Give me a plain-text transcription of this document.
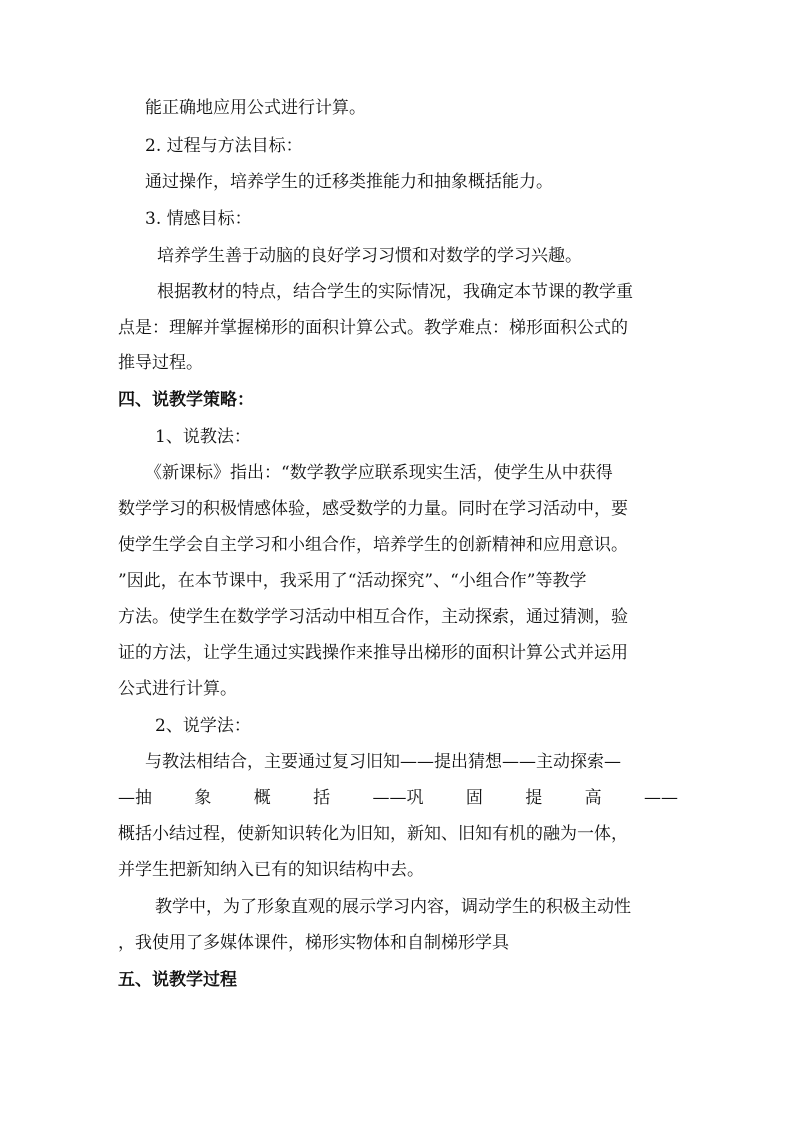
能正确地应用公式进行计算。
2. 过程与方法目标：
通过操作，培养学生的迁移类推能力和抽象概括能力。
3. 情感目标：
培养学生善于动脑的良好学习习惯和对数学的学习兴趣。
根据教材的特点，结合学生的实际情况，我确定本节课的教学重
点是：理解并掌握梯形的面积计算公式。教学难点：梯形面积公式的
推导过程。
四、说教学策略：
1、说教法：
《新课标》指出：“数学教学应联系现实生活，使学生从中获得
数学学习的积极情感体验，感受数学的力量。同时在学习活动中，要
使学生学会自主学习和小组合作，培养学生的创新精神和应用意识。
”因此，在本节课中，我采用了“活动探究”、“小组合作”等教学
方法。使学生在数学学习活动中相互合作，主动探索，通过猜测，验
证的方法，让学生通过实践操作来推导出梯形的面积计算公式并运用
公式进行计算。
2、说学法：
与教法相结合，主要通过复习旧知——提出猜想——主动探索—
—抽 象 概 括 ——巩 固 提 高 ——
概括小结过程，使新知识转化为旧知，新知、旧知有机的融为一体，
并学生把新知纳入已有的知识结构中去。
教学中，为了形象直观的展示学习内容，调动学生的积极主动性
，我使用了多媒体课件，梯形实物体和自制梯形学具
五、说教学过程
